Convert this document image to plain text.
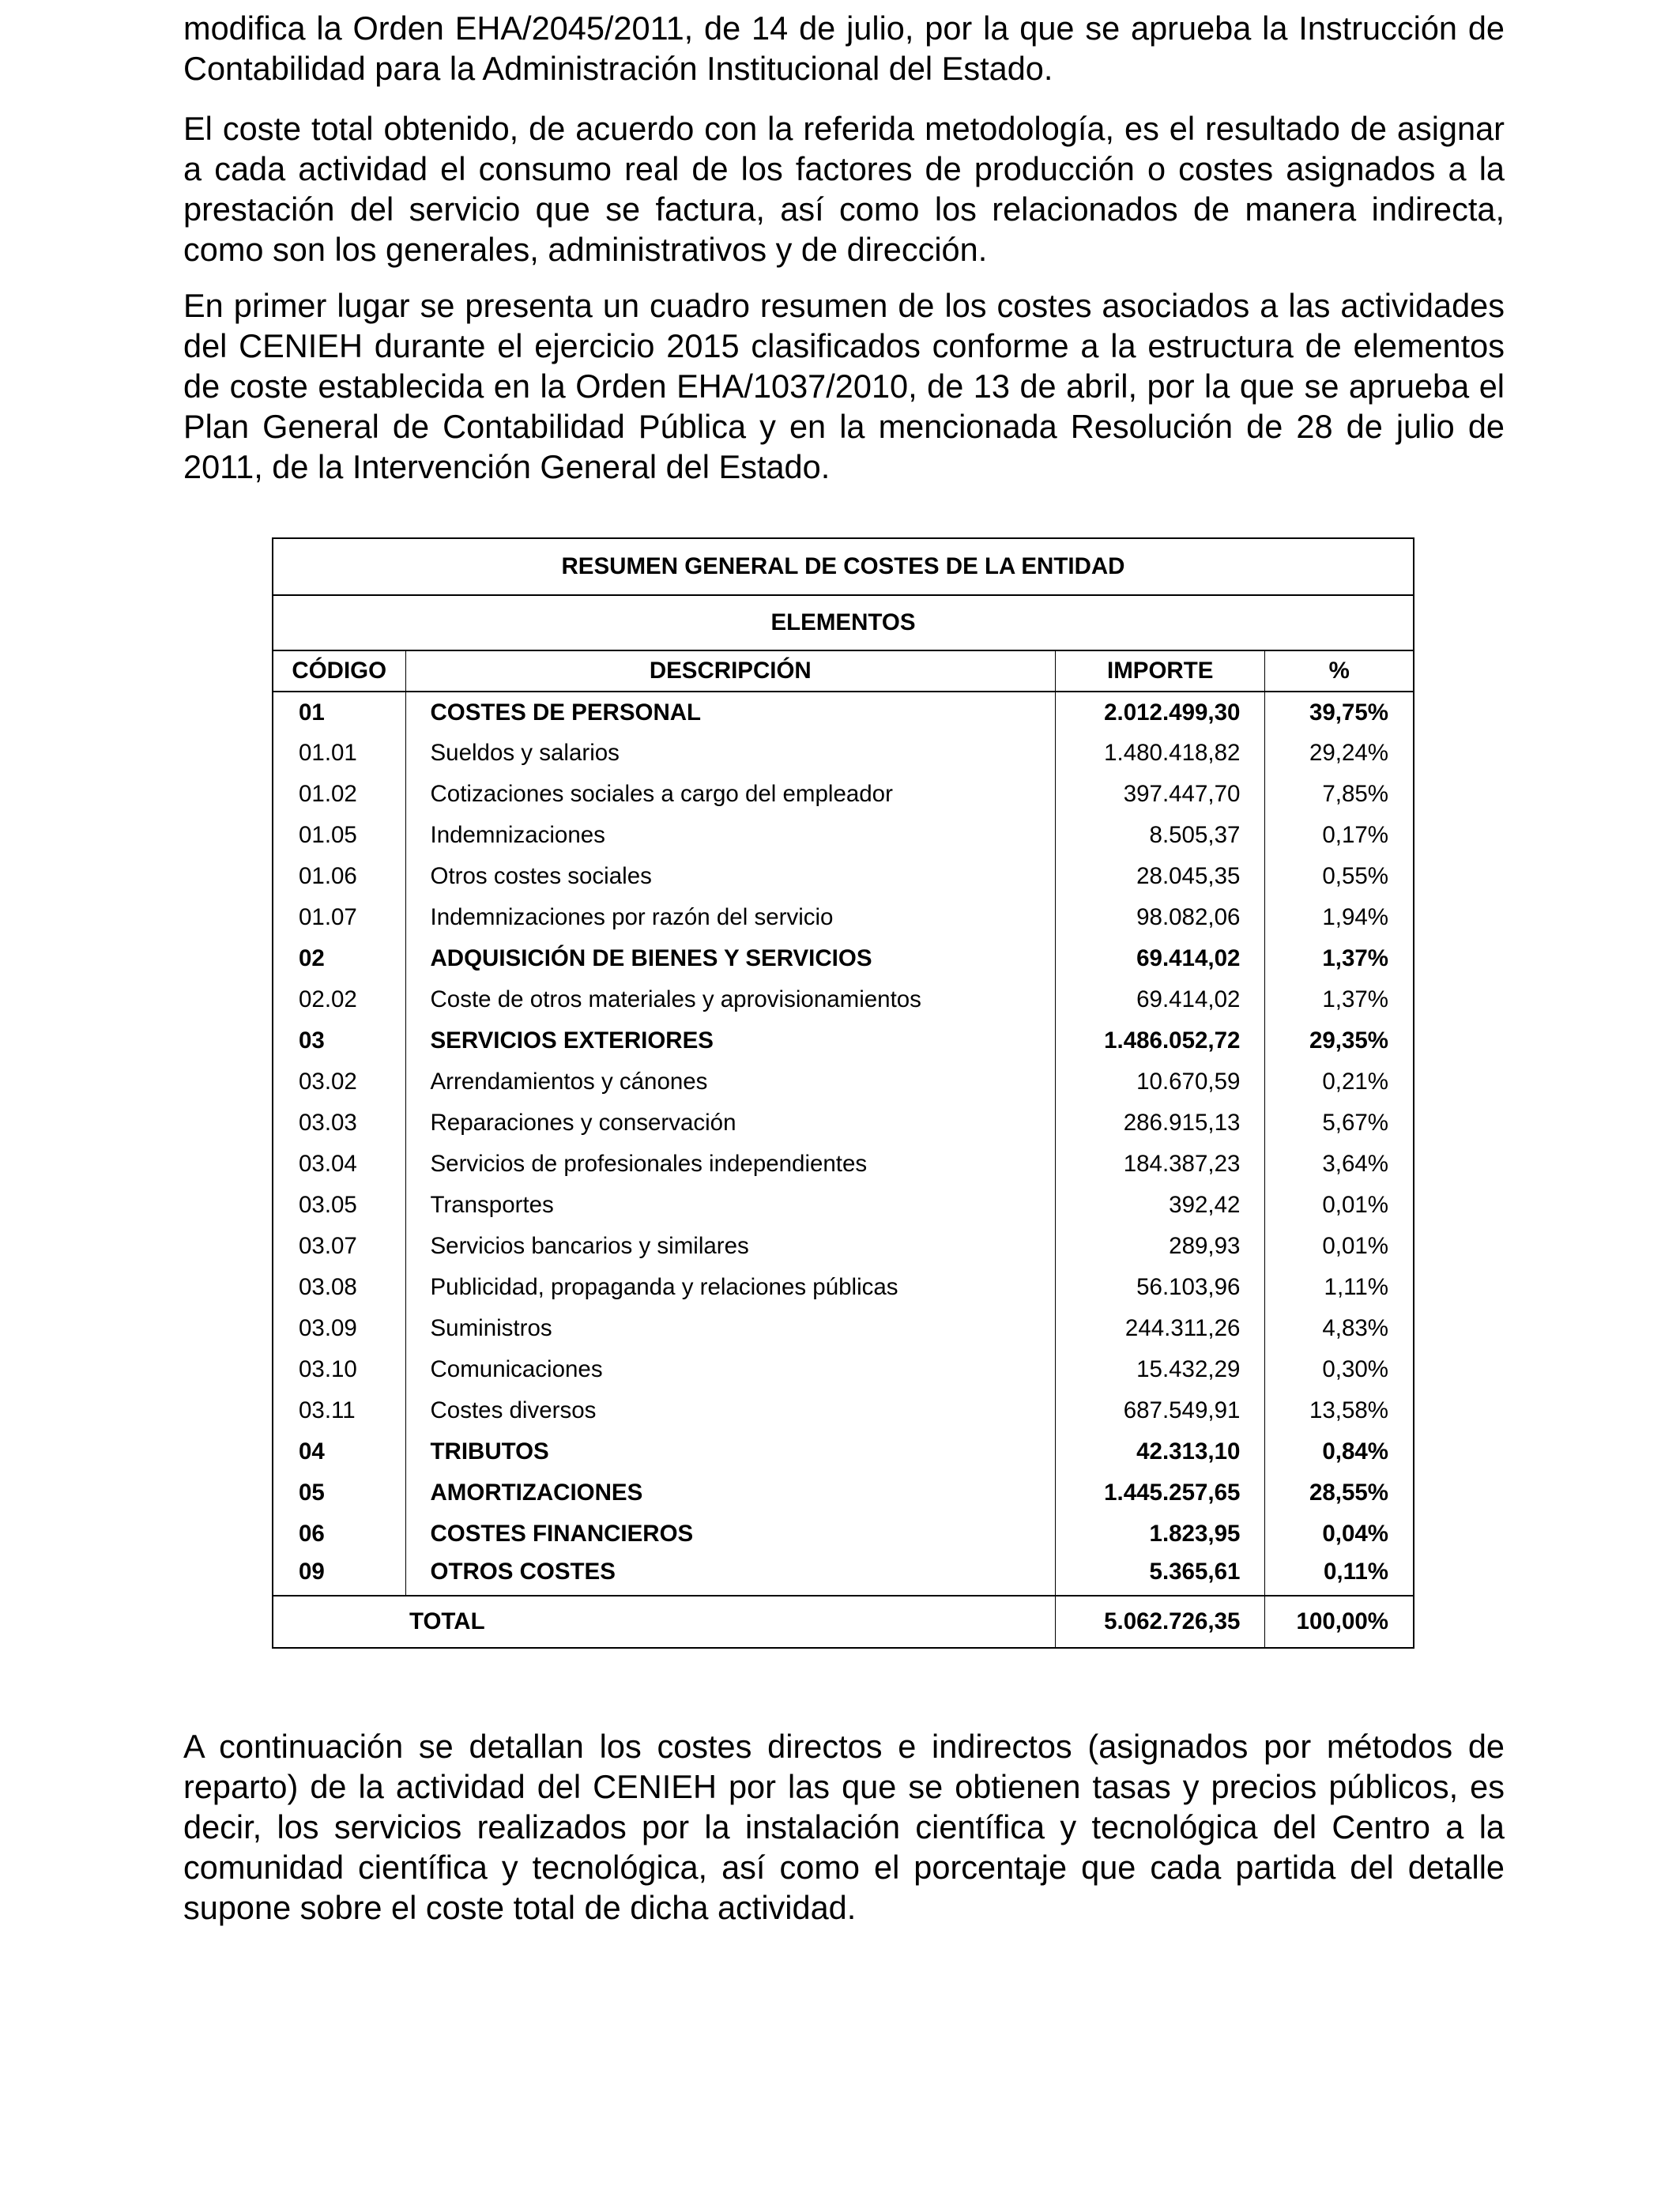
modifica la Orden EHA/2045/2011, de 14 de julio, por la que se aprueba la Instrucción de Contabilidad para la Administración Institucional del Estado.

El coste total obtenido, de acuerdo con la referida metodología, es el resultado de asignar a cada actividad el consumo real de los factores de producción o costes asignados a la prestación del servicio que se factura, así como los relacionados de manera indirecta, como son los generales, administrativos y de dirección.

En primer lugar se presenta un cuadro resumen de los costes asociados a las actividades del CENIEH durante el ejercicio 2015 clasificados conforme a la estructura de elementos de coste establecida en la Orden EHA/1037/2010, de 13 de abril, por la que se aprueba el Plan General de Contabilidad Pública y en la mencionada Resolución de 28 de julio de 2011, de la Intervención General del Estado.

RESUMEN GENERAL DE COSTES DE LA ENTIDAD			
ELEMENTOS			
CÓDIGO	DESCRIPCIÓN	IMPORTE	%
01	COSTES DE PERSONAL	2.012.499,30	39,75%
01.01	Sueldos y salarios	1.480.418,82	29,24%
01.02	Cotizaciones sociales a cargo del empleador	397.447,70	7,85%
01.05	Indemnizaciones	8.505,37	0,17%
01.06	Otros costes sociales	28.045,35	0,55%
01.07	Indemnizaciones por razón del servicio	98.082,06	1,94%
02	ADQUISICIÓN DE BIENES Y SERVICIOS	69.414,02	1,37%
02.02	Coste de otros materiales y aprovisionamientos	69.414,02	1,37%
03	SERVICIOS EXTERIORES	1.486.052,72	29,35%
03.02	Arrendamientos y cánones	10.670,59	0,21%
03.03	Reparaciones y conservación	286.915,13	5,67%
03.04	Servicios de profesionales independientes	184.387,23	3,64%
03.05	Transportes	392,42	0,01%
03.07	Servicios bancarios y similares	289,93	0,01%
03.08	Publicidad, propaganda y relaciones públicas	56.103,96	1,11%
03.09	Suministros	244.311,26	4,83%
03.10	Comunicaciones	15.432,29	0,30%
03.11	Costes diversos	687.549,91	13,58%
04	TRIBUTOS	42.313,10	0,84%
05	AMORTIZACIONES	1.445.257,65	28,55%
06	COSTES FINANCIEROS	1.823,95	0,04%
09	OTROS COSTES	5.365,61	0,11%
TOTAL		5.062.726,35	100,00%

A continuación se detallan los costes directos e indirectos (asignados por métodos de reparto) de la actividad del CENIEH por las que se obtienen tasas y precios públicos, es decir, los servicios realizados por la instalación científica y tecnológica del Centro a la comunidad científica y tecnológica, así como el porcentaje que cada partida del detalle supone sobre el coste total de dicha actividad.
